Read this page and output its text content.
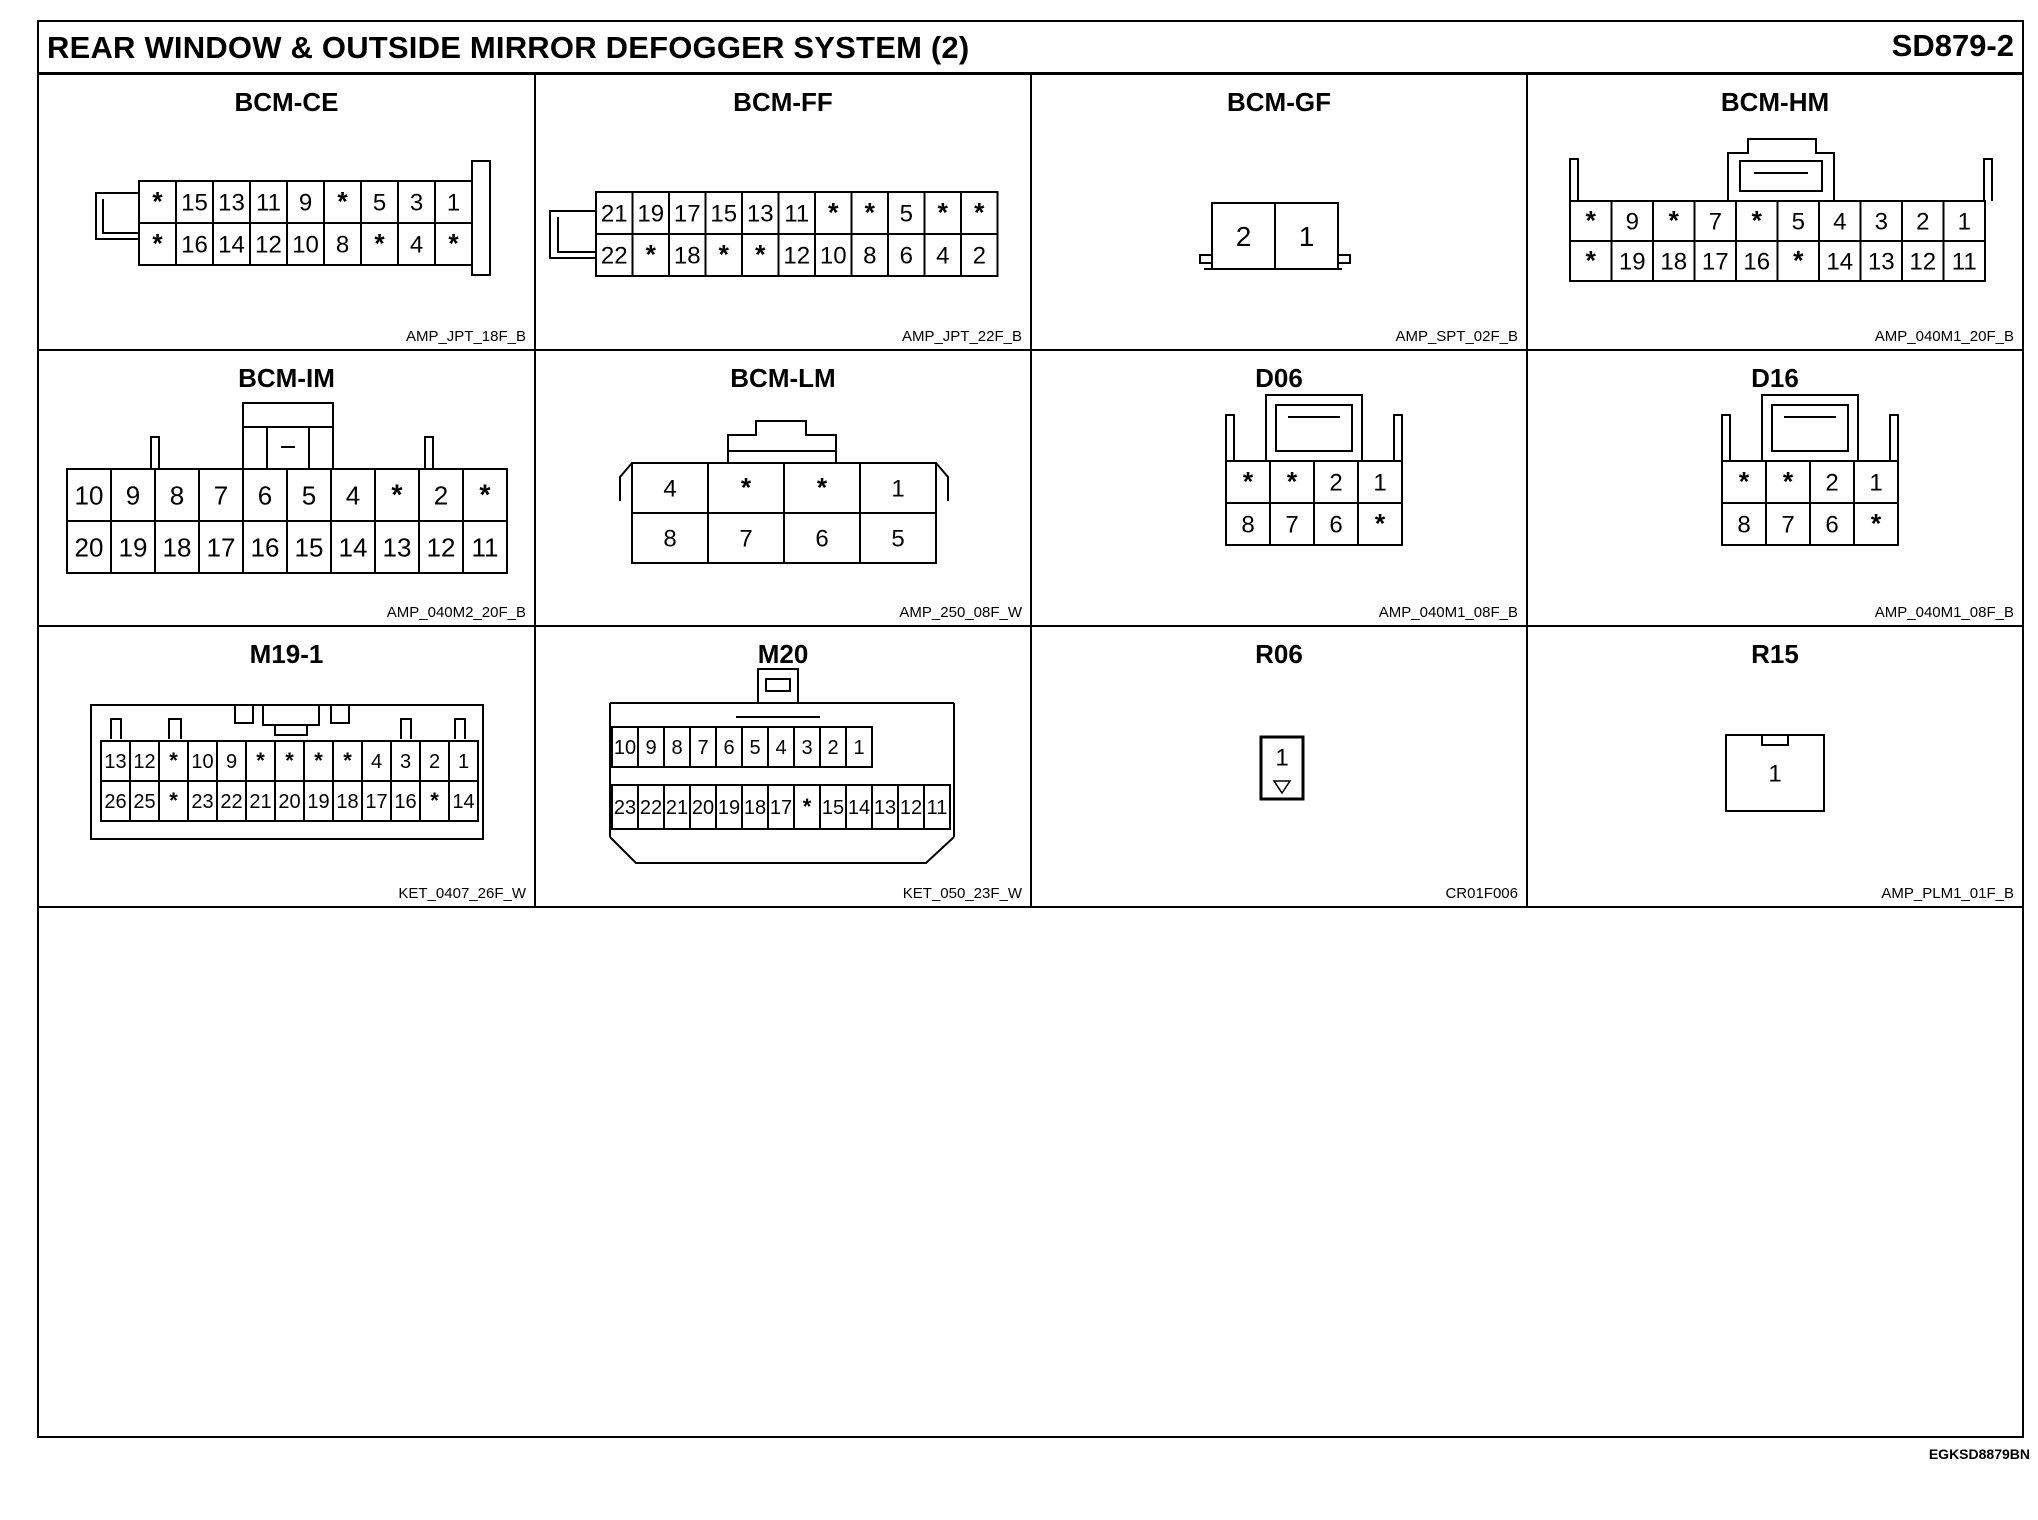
REAR WINDOW & OUTSIDE MIRROR DEFOGGER SYSTEM (2)	SD879-2
BCM-CE
* 15 13 11 9 * 5 3 1
* 16 14 12 10 8 * 4 *
AMP_JPT_18F_B
BCM-FF
21 19 17 15 13 11 * * 5 * *
22 * 18 * * 12 10 8 6 4 2
AMP_JPT_22F_B
BCM-GF
2 1
AMP_SPT_02F_B
BCM-HM
* 9 * 7 * 5 4 3 2 1
* 19 18 17 16 * 14 13 12 11
AMP_040M1_20F_B
BCM-IM
10 9 8 7 6 5 4 * 2 *
20 19 18 17 16 15 14 13 12 11
AMP_040M2_20F_B
BCM-LM
4 * *	1
8	7	6	5
AMP_250_08F_W
D06
* * 2 1
8 7 6 *
AMP_040M1_08F_B
D16
* * 2 1
8 7 6 *
AMP_040M1_08F_B
M19-1
13 12 * 10 9 * * * * 4 3 2 1
26 25 * 23 22 21 20 19 18 17 16 * 14
KET_0407_26F_W
M20
10 9 8 7 6 5 4 3 2 1
23 22 21 20 19 18 17 * 15 14 13 12 11
KET_050_23F_W
R06
1
CR01F006
R15
1
AMP_PLM1_01F_B
EGKSD8879BN
